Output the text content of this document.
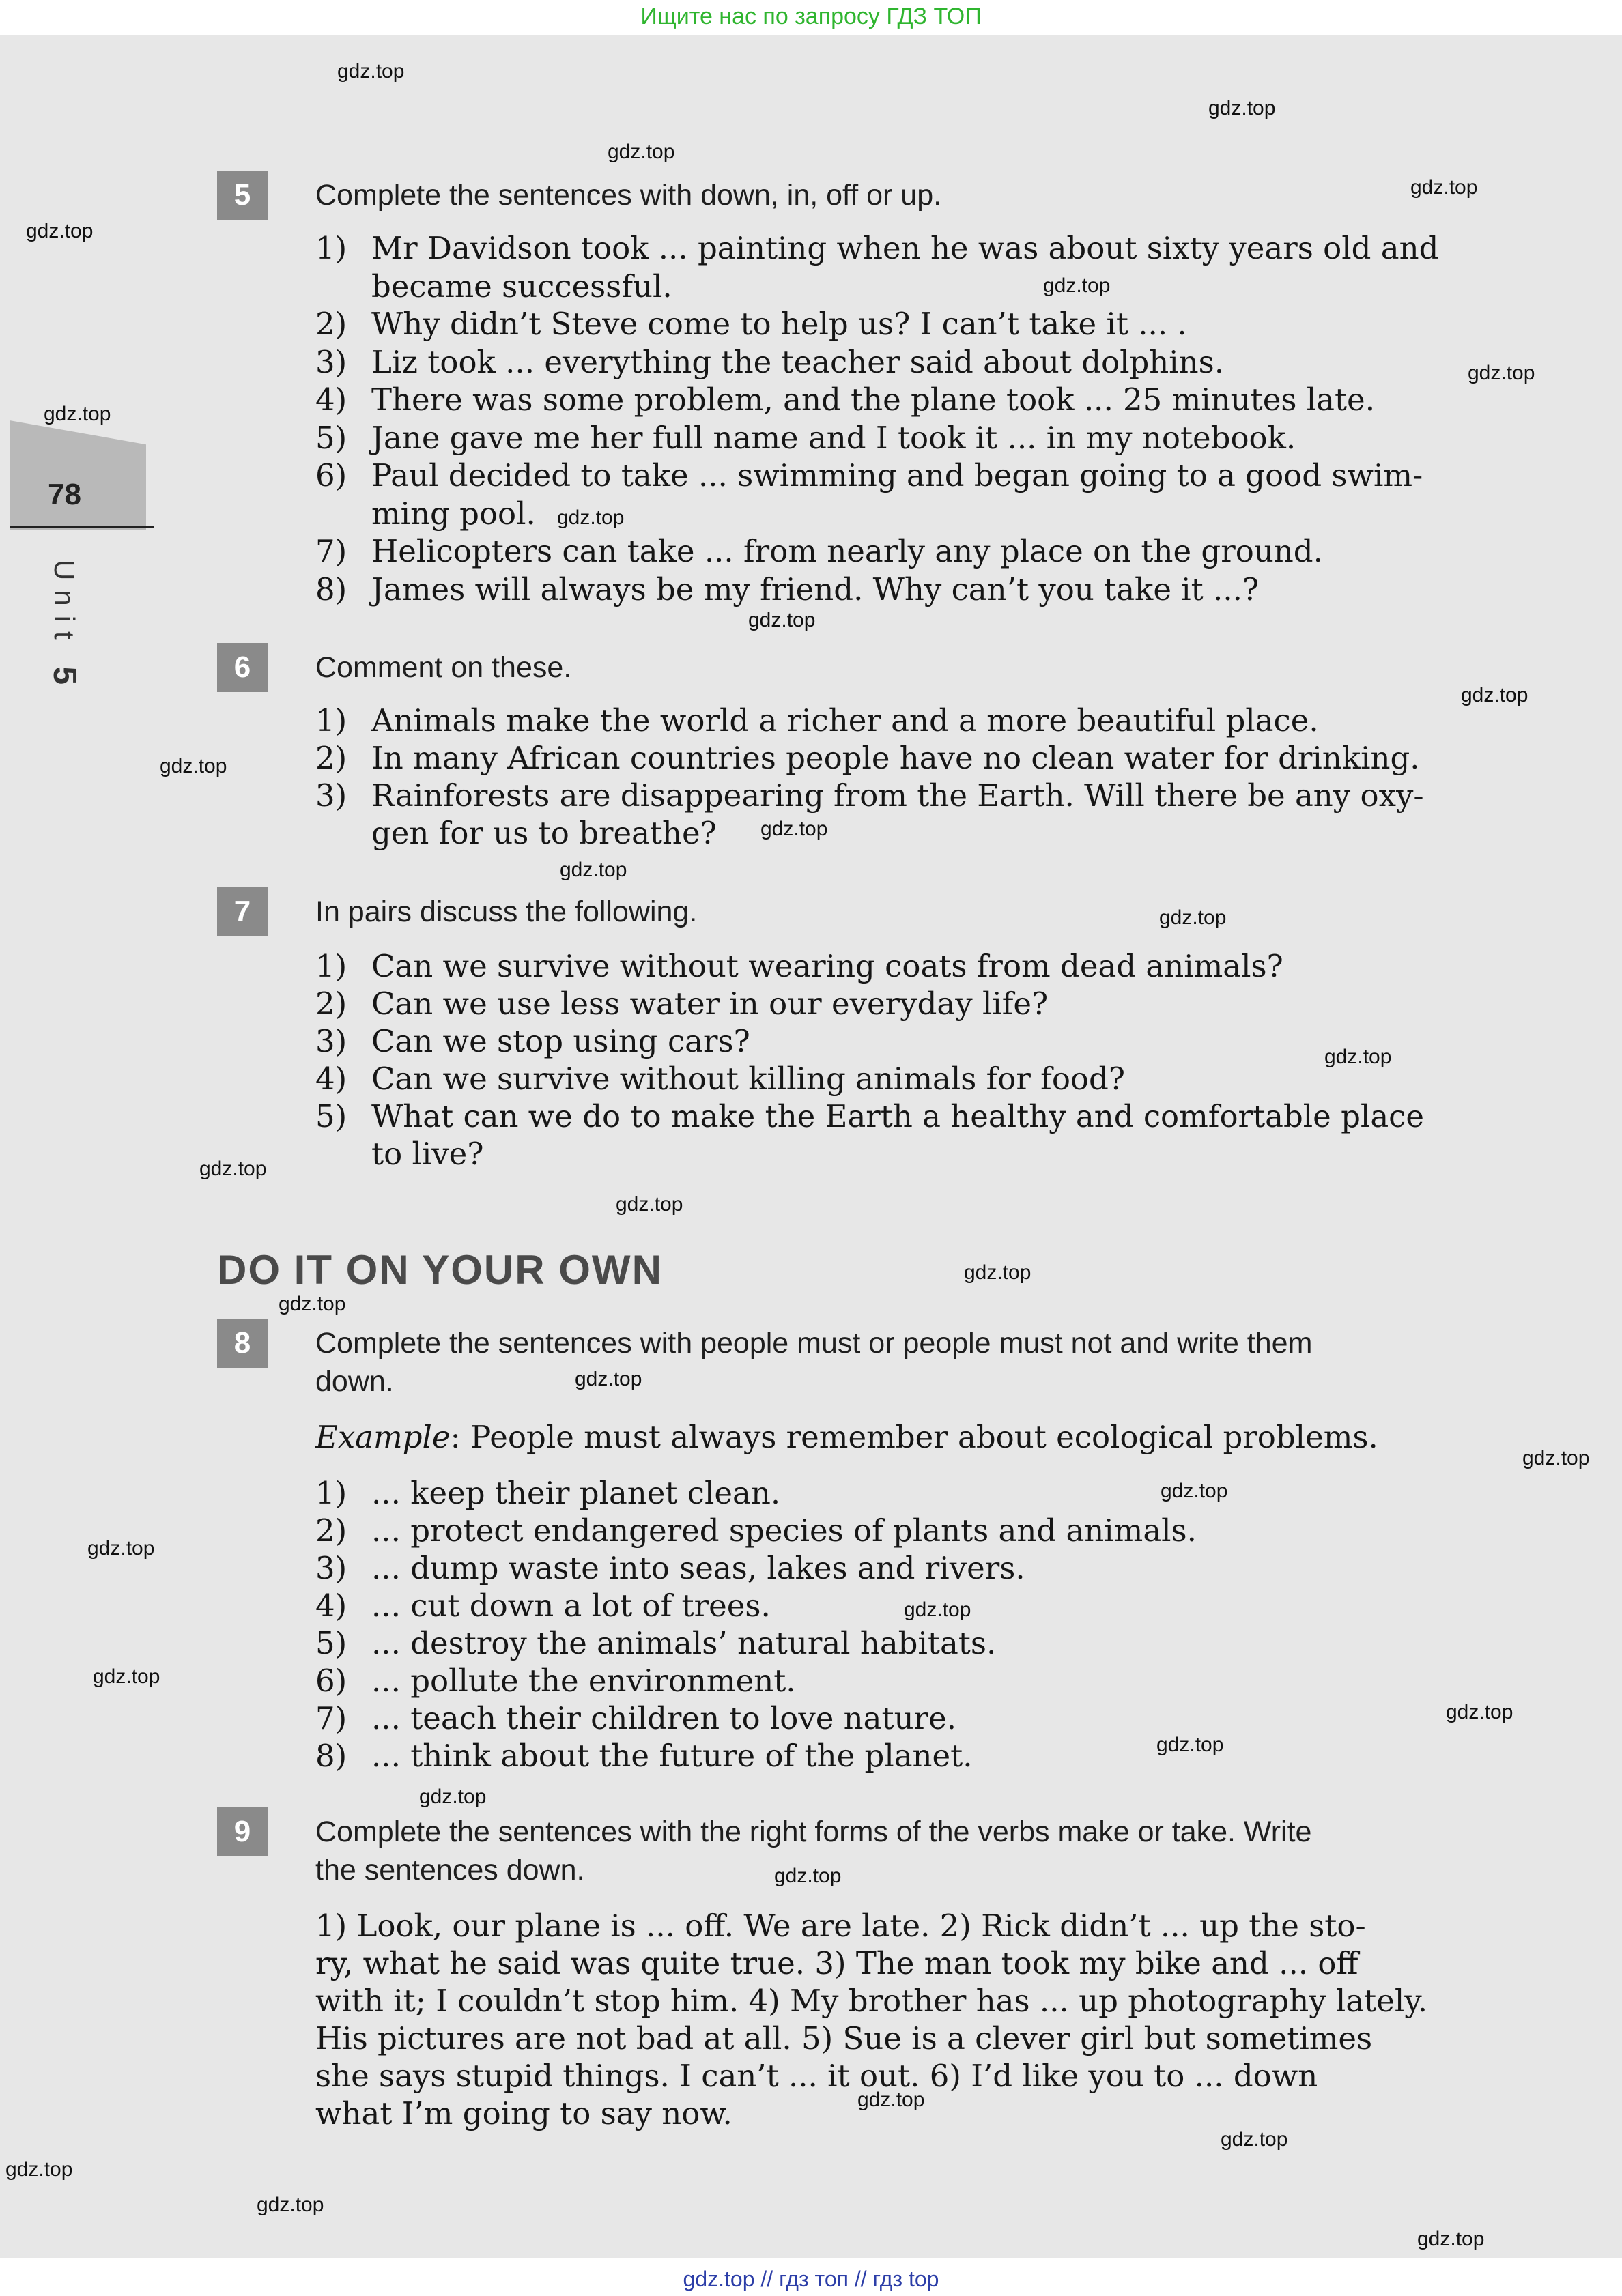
Ищите нас по запросу ГДЗ ТОП
78
Unit 5
5	Complete the sentences with down, in, off or up.
1) Mr Davidson took ... painting when he was about sixty years old and
became successful.
2) Why didn’t Steve come to help us? I can’t take it ... .
3) Liz took ... everything the teacher said about dolphins.
4) There was some problem, and the plane took ... 25 minutes late.
5) Jane gave me her full name and I took it ... in my notebook.
6) Paul decided to take ... swimming and began going to a good swim-
ming pool.
7) Helicopters can take ... from nearly any place on the ground.
8) James will always be my friend. Why can’t you take it ...?
6	Comment on these.
1) Animals make the world a richer and a more beautiful place.
2) In many African countries people have no clean water for drinking.
3) Rainforests are disappearing from the Earth. Will there be any oxy-
gen for us to breathe?
7	In pairs discuss the following.
1) Can we survive without wearing coats from dead animals?
2) Can we use less water in our everyday life?
3) Can we stop using cars?
4) Can we survive without killing animals for food?
5) What can we do to make the Earth a healthy and comfortable place
to live?
DO IT ON YOUR OWN
8	Complete the sentences with people must or people must not and write them
down.
Example: People must always remember about ecological problems.
1) ... keep their planet clean.
2) ... protect endangered species of plants and animals.
3) ... dump waste into seas, lakes and rivers.
4) ... cut down a lot of trees.
5) ... destroy the animals’ natural habitats.
6) ... pollute the environment.
7) ... teach their children to love nature.
8) ... think about the future of the planet.
9	Complete the sentences with the right forms of the verbs make or take. Write
the sentences down.
1) Look, our plane is ... off. We are late. 2) Rick didn’t ... up the sto-
ry, what he said was quite true. 3) The man took my bike and ... off
with it; I couldn’t stop him. 4) My brother has ... up photography lately.
His pictures are not bad at all. 5) Sue is a clever girl but sometimes
she says stupid things. I can’t ... it out. 6) I’d like you to ... down
what I’m going to say now.
gdz.top
gdz.top
gdz.top
gdz.top
gdz.top
gdz.top
gdz.top
gdz.top
gdz.top
gdz.top
gdz.top
gdz.top
gdz.top
gdz.top
gdz.top
gdz.top
gdz.top
gdz.top
gdz.top
gdz.top
gdz.top
gdz.top
gdz.top
gdz.top
gdz.top
gdz.top
gdz.top
gdz.top
gdz.top
gdz.top
gdz.top
gdz.top
gdz.top
gdz.top
gdz.top
gdz.top // гдз топ // гдз top
